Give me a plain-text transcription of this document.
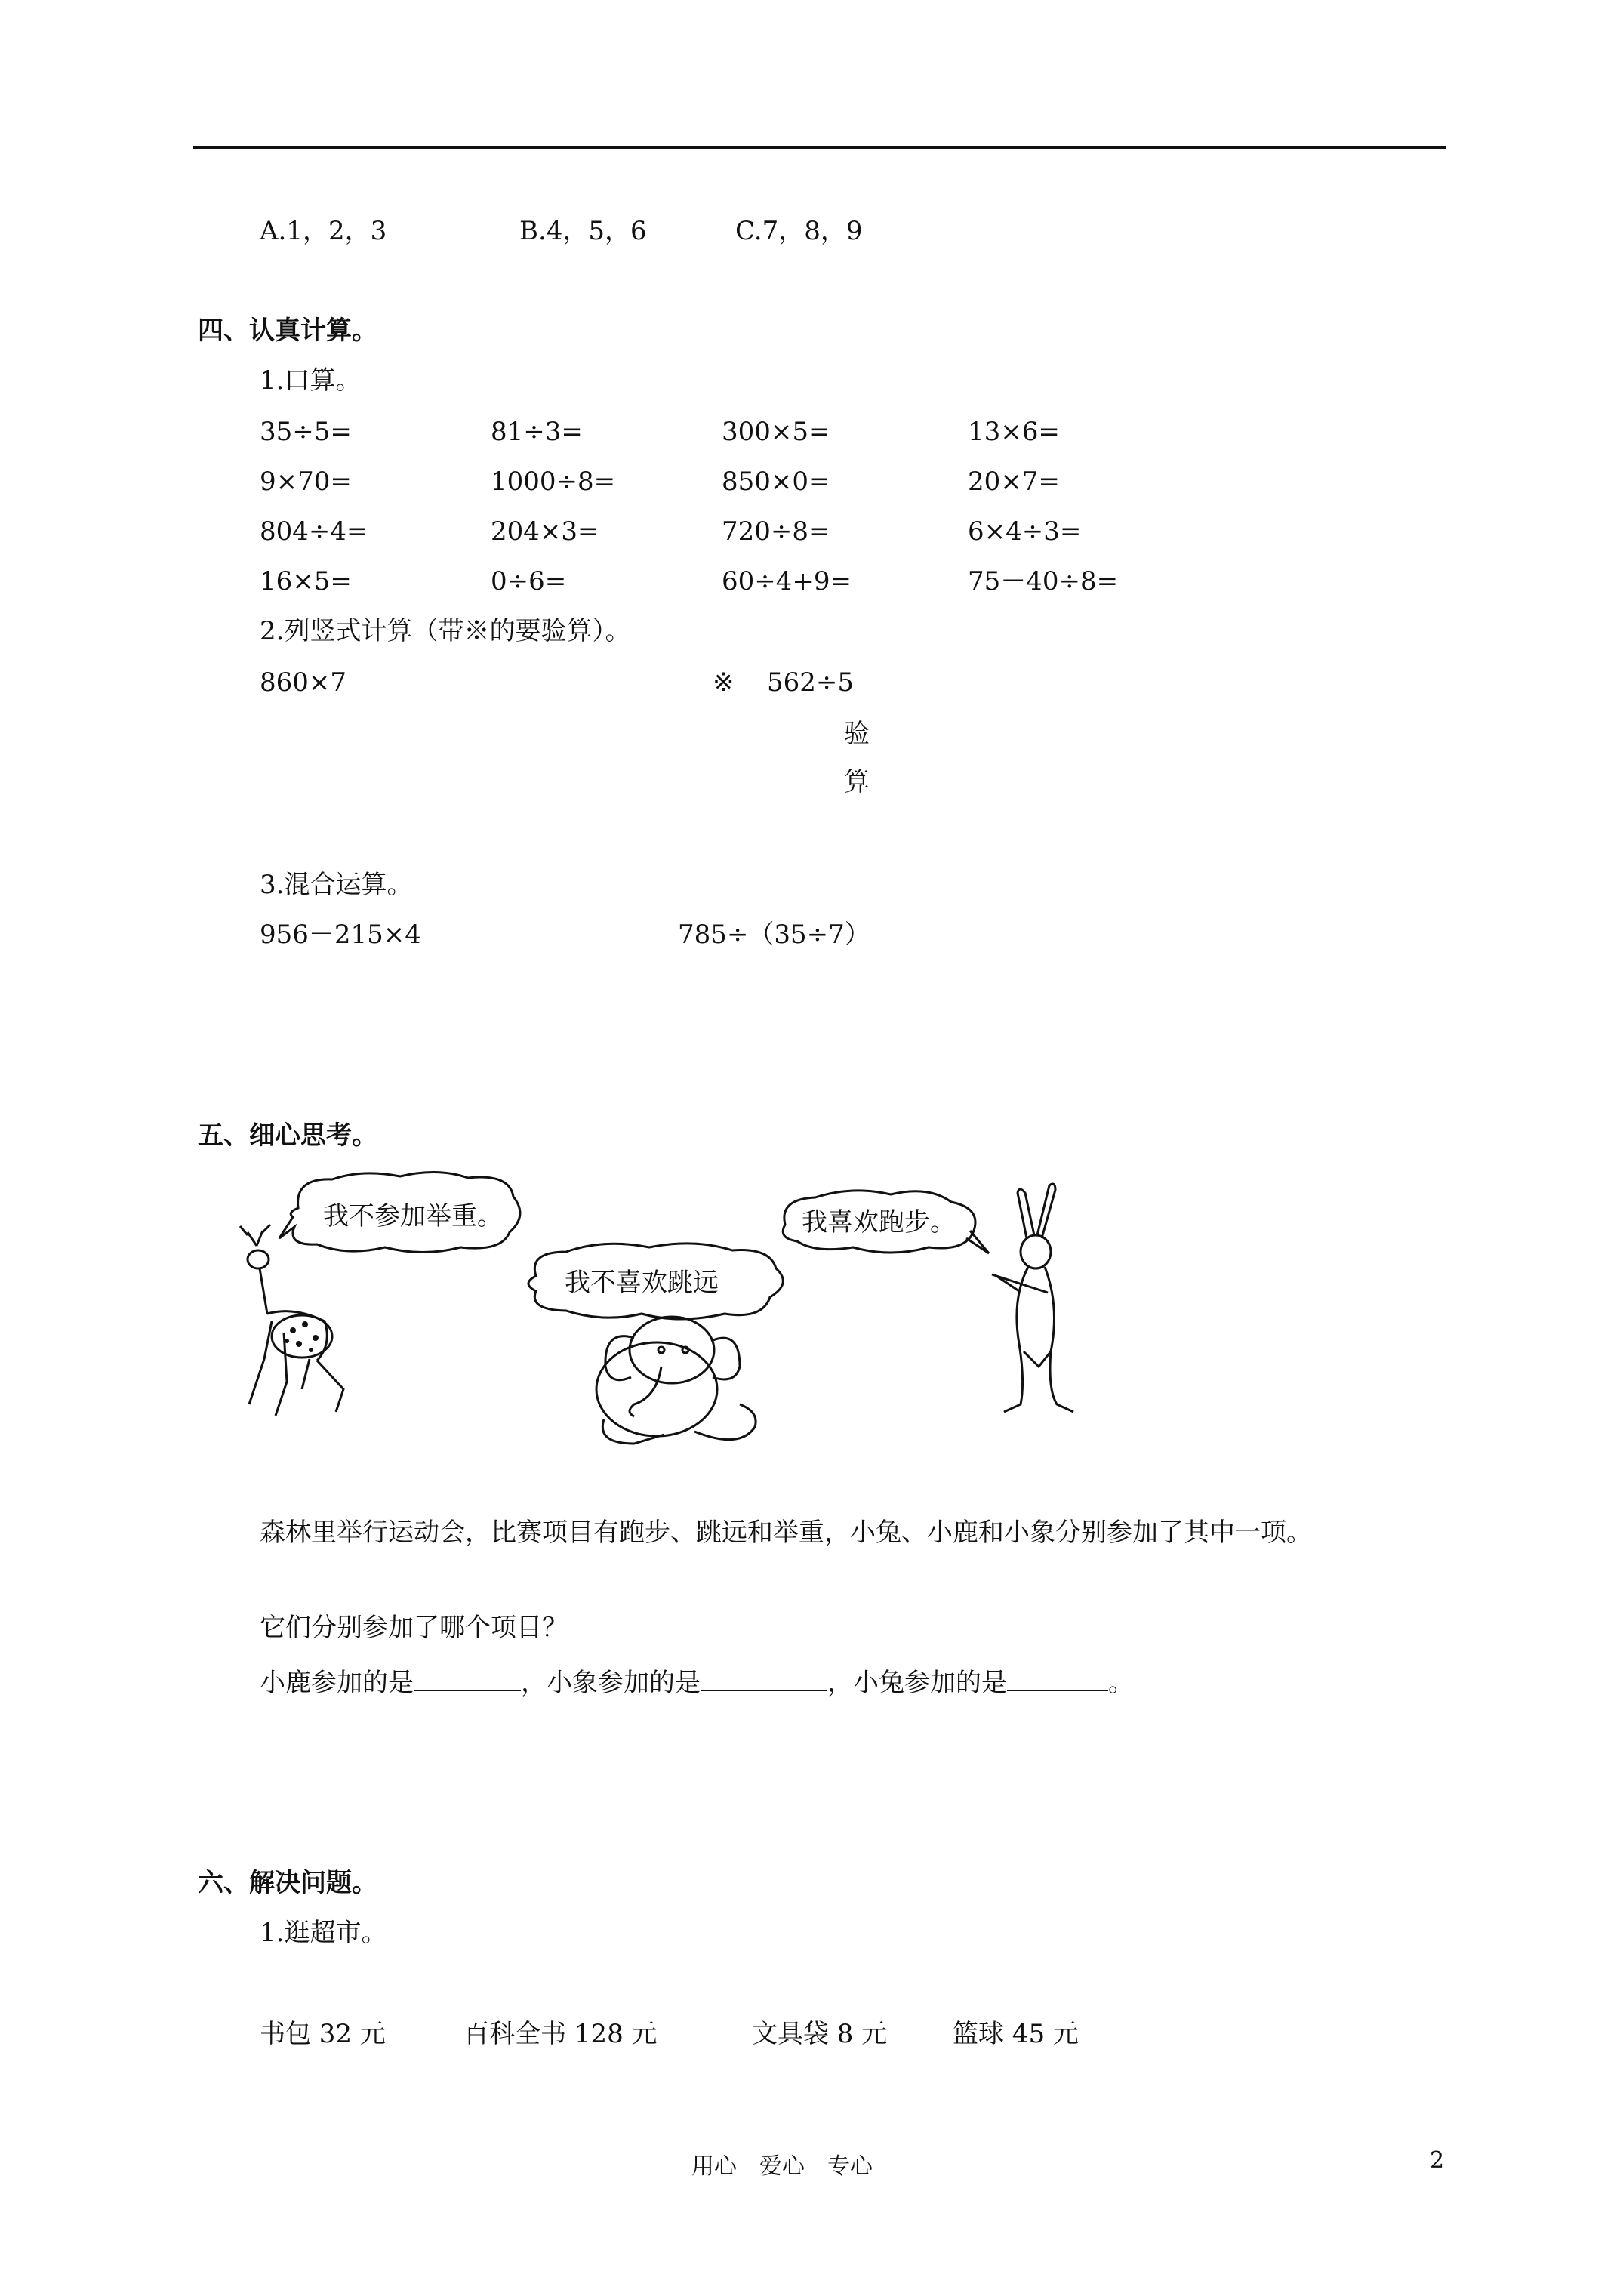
A.1，2，3	B.4，5，6	C.7，8，9
四、认真计算。
1.口算。
35÷5=	81÷3=	300×5=	13×6=
9×70=	1000÷8=	850×0=	20×7=
804÷4=	204×3=	720÷8=	6×4÷3=
16×5=	0÷6=	60÷4+9=	75－40÷8=
2.列竖式计算（带※的要验算）。
860×7	※ 562÷5
验
算
3.混合运算。
956－215×4	785÷（35÷7）
五、细心思考。
我不参加举重。
我不喜欢跳远
我喜欢跑步。
森林里举行运动会，比赛项目有跑步、跳远和举重，小兔、小鹿和小象分别参加了其中一项。
它们分别参加了哪个项目？
小鹿参加的是	，小象参加的是	，小兔参加的是	。
六、解决问题。
1.逛超市。
书包 32 元	百科全书 128 元	文具袋 8 元	篮球 45 元
用心　爱心　专心	2
